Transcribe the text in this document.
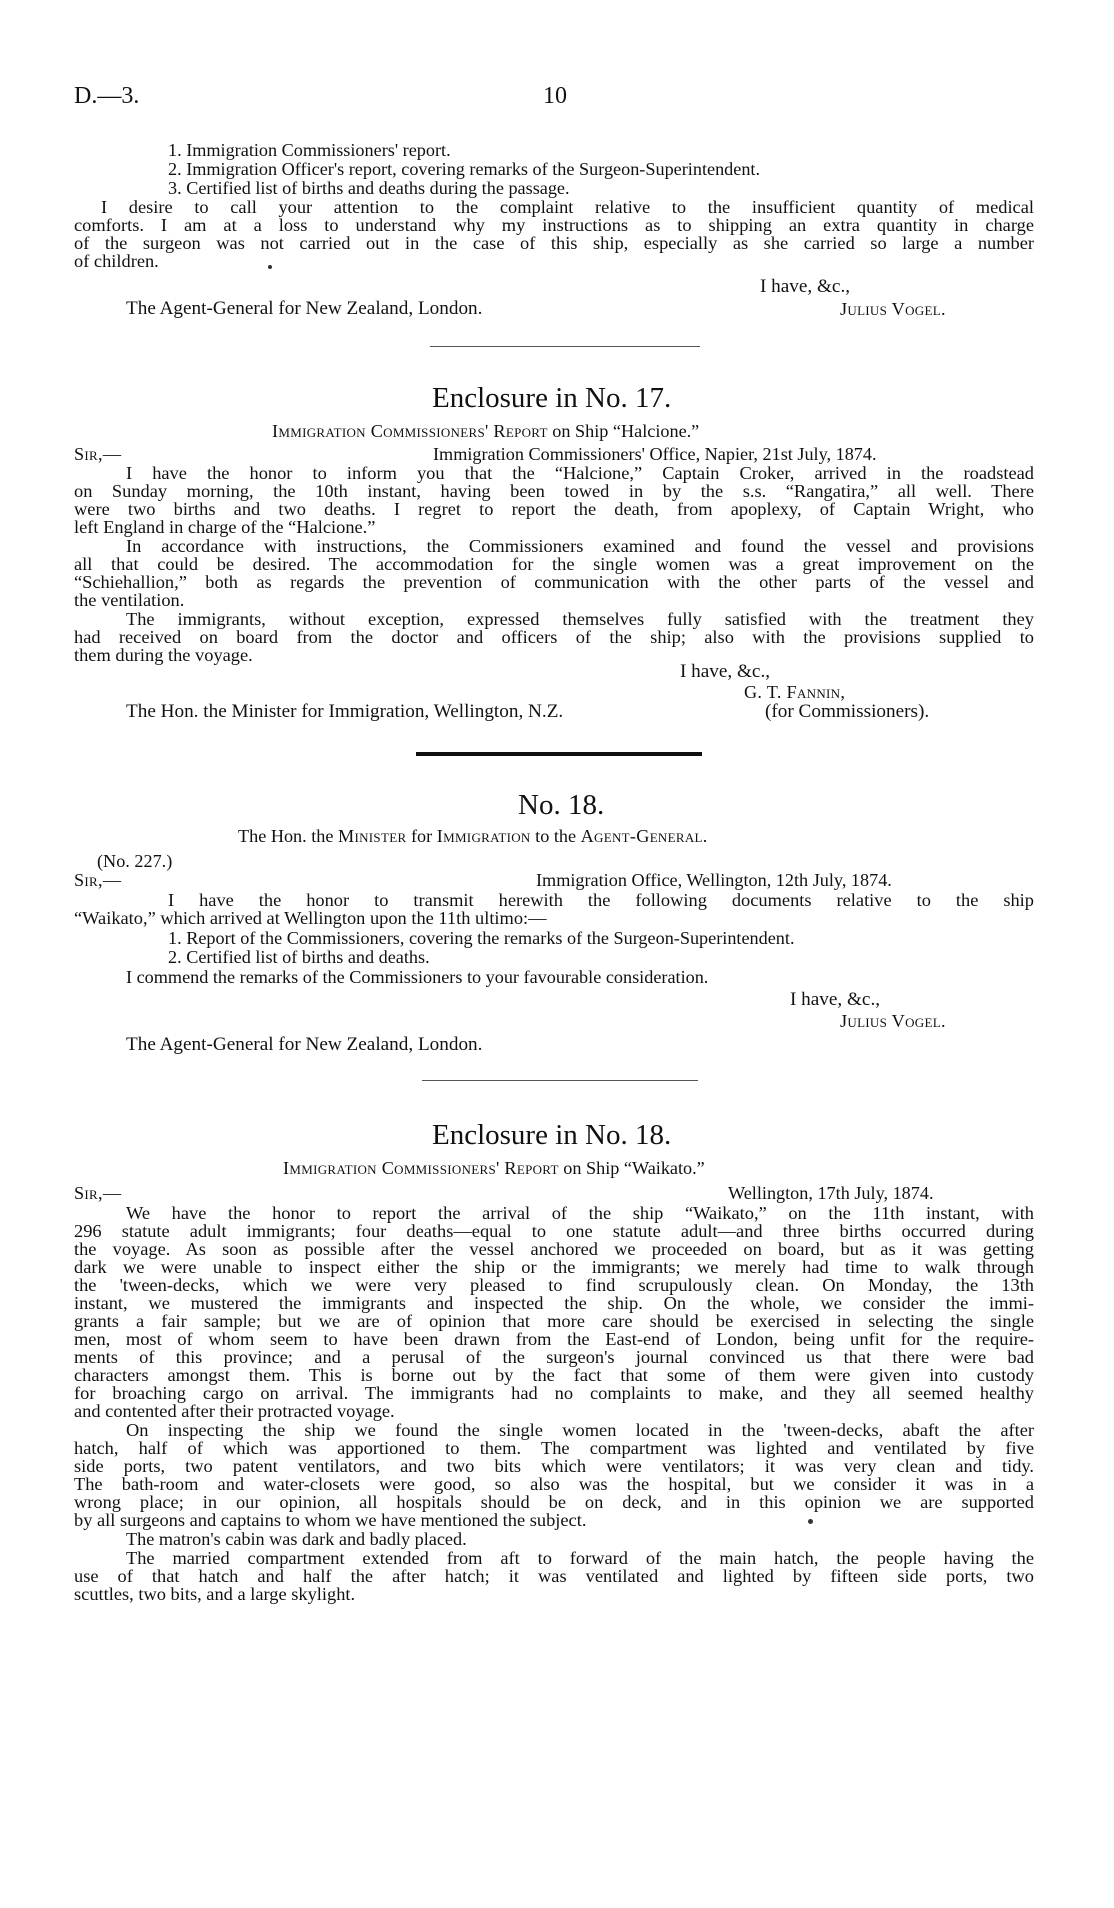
D.—3.	10
1. Immigration Commissioners' report.
2. Immigration Officer's report, covering remarks of the Surgeon-Superintendent.
3. Certified list of births and deaths during the passage.
I desire to call your attention to the complaint relative to the insufficient quantity of medical
comforts. I am at a loss to understand why my instructions as to shipping an extra quantity in charge
of the surgeon was not carried out in the case of this ship, especially as she carried so large a number
of children.
I have, &c.,
The Agent-General for New Zealand, London.	Julius Vogel.
Enclosure in No. 17.
Immigration Commissioners' Report on Ship “Halcione.”
Sir,—	Immigration Commissioners' Office, Napier, 21st July, 1874.
I have the honor to inform you that the “Halcione,” Captain Croker, arrived in the roadstead
on Sunday morning, the 10th instant, having been towed in by the s.s. “Rangatira,” all well. There
were two births and two deaths. I regret to report the death, from apoplexy, of Captain Wright, who
left England in charge of the “Halcione.”
In accordance with instructions, the Commissioners examined and found the vessel and provisions
all that could be desired. The accommodation for the single women was a great improvement on the
“Schiehallion,” both as regards the prevention of communication with the other parts of the vessel and
the ventilation.
The immigrants, without exception, expressed themselves fully satisfied with the treatment they
had received on board from the doctor and officers of the ship; also with the provisions supplied to
them during the voyage.
I have, &c.,
G. T. Fannin,
The Hon. the Minister for Immigration, Wellington, N.Z.	(for Commissioners).
No. 18.
The Hon. the Minister for Immigration to the Agent-General.
(No. 227.)
Sir,—	Immigration Office, Wellington, 12th July, 1874.
I have the honor to transmit herewith the following documents relative to the ship
“Waikato,” which arrived at Wellington upon the 11th ultimo:—
1. Report of the Commissioners, covering the remarks of the Surgeon-Superintendent.
2. Certified list of births and deaths.
I commend the remarks of the Commissioners to your favourable consideration.
I have, &c.,
Julius Vogel.
The Agent-General for New Zealand, London.
Enclosure in No. 18.
Immigration Commissioners' Report on Ship “Waikato.”
Sir,—	Wellington, 17th July, 1874.
We have the honor to report the arrival of the ship “Waikato,” on the 11th instant, with
296 statute adult immigrants; four deaths—equal to one statute adult—and three births occurred during
the voyage. As soon as possible after the vessel anchored we proceeded on board, but as it was getting
dark we were unable to inspect either the ship or the immigrants; we merely had time to walk through
the 'tween-decks, which we were very pleased to find scrupulously clean. On Monday, the 13th
instant, we mustered the immigrants and inspected the ship. On the whole, we consider the immi-
grants a fair sample; but we are of opinion that more care should be exercised in selecting the single
men, most of whom seem to have been drawn from the East-end of London, being unfit for the require-
ments of this province; and a perusal of the surgeon's journal convinced us that there were bad
characters amongst them. This is borne out by the fact that some of them were given into custody
for broaching cargo on arrival. The immigrants had no complaints to make, and they all seemed healthy
and contented after their protracted voyage.
On inspecting the ship we found the single women located in the 'tween-decks, abaft the after
hatch, half of which was apportioned to them. The compartment was lighted and ventilated by five
side ports, two patent ventilators, and two bits which were ventilators; it was very clean and tidy.
The bath-room and water-closets were good, so also was the hospital, but we consider it was in a
wrong place; in our opinion, all hospitals should be on deck, and in this opinion we are supported
by all surgeons and captains to whom we have mentioned the subject.
The matron's cabin was dark and badly placed.
The married compartment extended from aft to forward of the main hatch, the people having the
use of that hatch and half the after hatch; it was ventilated and lighted by fifteen side ports, two
scuttles, two bits, and a large skylight.
